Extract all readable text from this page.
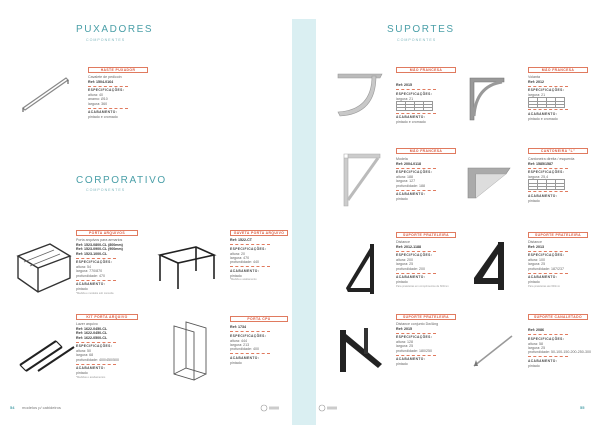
PUXADORES
COMPONENTES
CORPORATIVO
COMPONENTES
SUPORTES
COMPONENTES
HASTE PUXADOR
Cavalete de pedicoin
Ref: 1504-0164
ESPECIFICAÇÕES:
altura: 40
anamo: Ø10
largura: 360
ACABAMENTO:
pintado e cromado
PORTA ARQUIVOS
Porta arquivos para armarios
Ref: 1523-0800-CL (800mm)
Ref: 1523-0900-CL (900mm)
Ref: 1523-1000-CL
ESPECIFICAÇÕES:
altura: 54
largura: 770/870
profundidade: 470
ACABAMENTO:
pintado
*Medida e modelos sob consulta
GAVETA PORTA ARQUIVO
Ref: 1522-CT
ESPECIFICAÇÕES:
altura: 20
largura: 470
profundidade: 440
ACABAMENTO:
pintado
*Medida e acabamento
KIT PORTA ARQUIVO
Lazer arquivo
Ref: 1622-0450-CL
Ref: 1622-0450-CL
Ref: 1622-0500-CL
ESPECIFICAÇÕES:
altura: 50
largura: 68
profundidade: 400/450/500
ACABAMENTO:
pintado
*Medidas e acabamentos
PORTA CPU
Ref: 1734
ESPECIFICAÇÕES:
altura: 444
largura: 213
profundidade: 400
ACABAMENTO:
pintado
MÃO FRANCESA
Ref: 2015
ESPECIFICAÇÕES:
largura: 21

ACABAMENTO:
pintado e cromado
MÃO FRANCESA
Volanta
Ref: 2012
ESPECIFICAÇÕES:
largura: 21

ACABAMENTO:
pintado e cromado
MÃO FRANCESA
Modela
Ref: 2004-0118
ESPECIFICAÇÕES:
altura: 188
largura: 127
profundidade: 188
ACABAMENTO:
pintado
CANTONEIRA "L"
Cantoneira direita / esquerda
Ref: 1585/1587
ESPECIFICAÇÕES:
largura: 25,4

ACABAMENTO:
pintado
SUPORTE PRATELEIRA
Distance
Ref: 2012-1188
ESPECIFICAÇÕES:
altura: 200
largura: 25
profundidade: 200
ACABAMENTO:
pintado
Para prateleiras em comprimentos de 600mm
SUPORTE PRATELEIRA
Distance
Ref: 2013
ESPECIFICAÇÕES:
altura: 100
largura: 25
profundidade: 187/237
ACABAMENTO:
pintado
Para prateleiras até 600mm
SUPORTE PRATELEIRA
Distance conjunto Dw/Ang
Ref: 2015
ESPECIFICAÇÕES:
altura: 128
largura: 25
profundidade: 180/250
ACABAMENTO:
pintado
SUPORTE CANALETADO
Ref: 2086
ESPECIFICAÇÕES:
altura: 58
largura: 25
profundidade: 50-100-150-200-250-300
ACABAMENTO:
pintado
54 modelos p/ cabideiros	55
